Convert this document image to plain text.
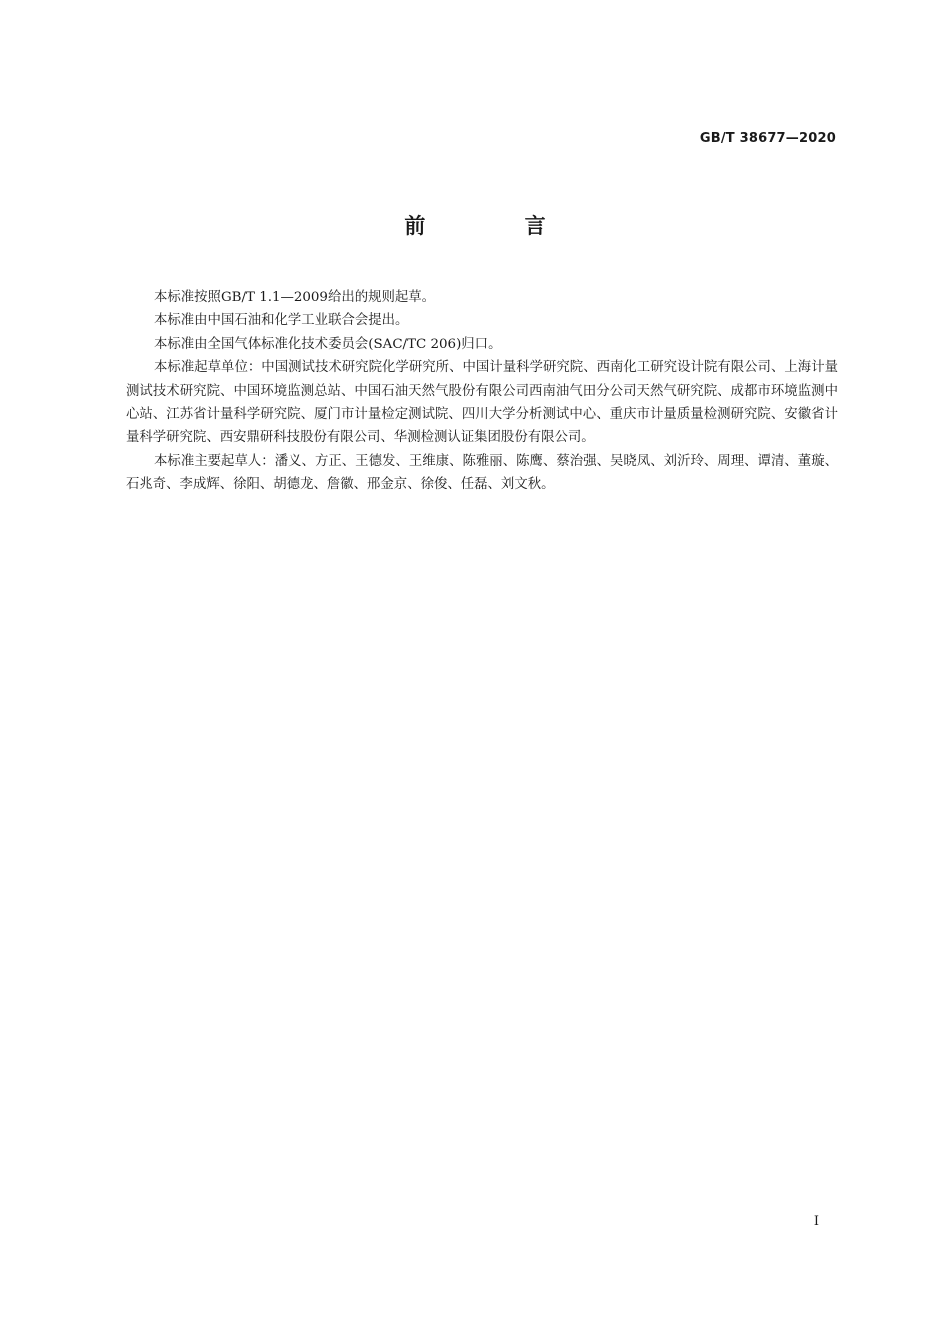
GB/T 38677—2020
前 言

本标准按照GB/T 1.1—2009给出的规则起草。

本标准由中国石油和化学工业联合会提出。

本标准由全国气体标准化技术委员会(SAC/TC 206)归口。

本标准起草单位：中国测试技术研究院化学研究所、中国计量科学研究院、西南化工研究设计院有限公司、上海计量测试技术研究院、中国环境监测总站、中国石油天然气股份有限公司西南油气田分公司天然气研究院、成都市环境监测中心站、江苏省计量科学研究院、厦门市计量检定测试院、四川大学分析测试中心、重庆市计量质量检测研究院、安徽省计量科学研究院、西安鼎研科技股份有限公司、华测检测认证集团股份有限公司。

本标准主要起草人：潘义、方正、王德发、王维康、陈雅丽、陈鹰、蔡治强、吴晓凤、刘沂玲、周理、谭清、董璇、石兆奇、李成辉、徐阳、胡德龙、詹徽、邢金京、徐俊、任磊、刘文秋。

I
